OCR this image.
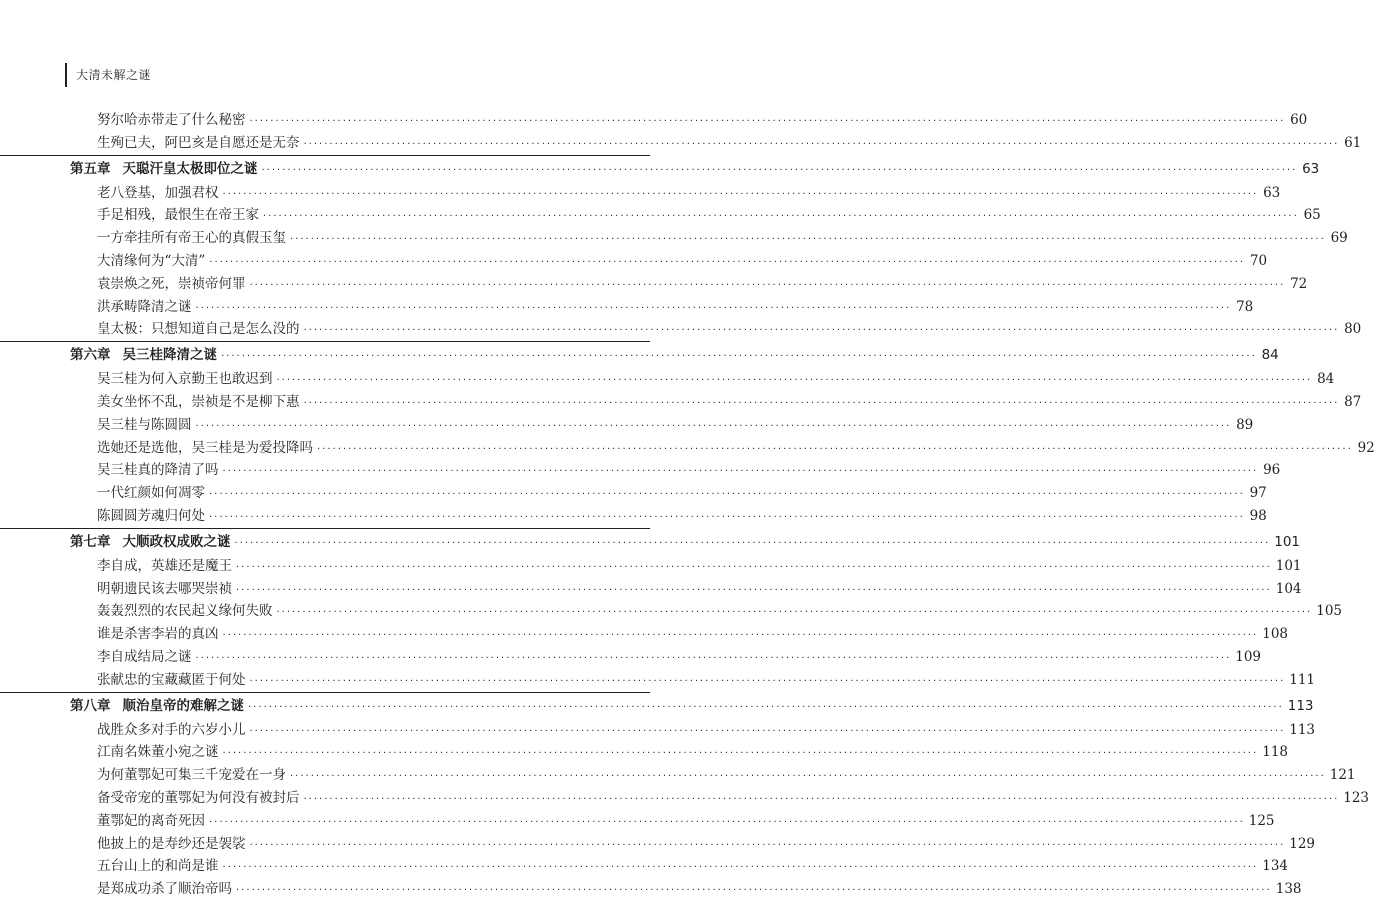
大清未解之谜
努尔哈赤带走了什么秘密 ········································································································································································································ 60
生殉已夫，阿巴亥是自愿还是无奈 ········································································································································································································ 61
第五章 天聪汗皇太极即位之谜 ········································································································································································································ 63
老八登基，加强君权 ········································································································································································································ 63
手足相残，最恨生在帝王家 ········································································································································································································ 65
一方牵挂所有帝王心的真假玉玺 ········································································································································································································ 69
大清缘何为“大清” ········································································································································································································ 70
袁崇焕之死，崇祯帝何罪 ········································································································································································································ 72
洪承畴降清之谜 ········································································································································································································ 78
皇太极：只想知道自己是怎么没的 ········································································································································································································ 80
第六章 吴三桂降清之谜 ········································································································································································································ 84
吴三桂为何入京勤王也敢迟到 ········································································································································································································ 84
美女坐怀不乱，崇祯是不是柳下惠 ········································································································································································································ 87
吴三桂与陈圆圆 ········································································································································································································ 89
选她还是选他，吴三桂是为爱投降吗 ········································································································································································································ 92
吴三桂真的降清了吗 ········································································································································································································ 96
一代红颜如何凋零 ········································································································································································································ 97
陈圆圆芳魂归何处 ········································································································································································································ 98
第七章 大顺政权成败之谜 ········································································································································································································ 101
李自成，英雄还是魔王 ········································································································································································································ 101
明朝遗民该去哪哭崇祯 ········································································································································································································ 104
轰轰烈烈的农民起义缘何失败 ········································································································································································································ 105
谁是杀害李岩的真凶 ········································································································································································································ 108
李自成结局之谜 ········································································································································································································ 109
张献忠的宝藏藏匿于何处 ········································································································································································································ 111
第八章 顺治皇帝的难解之谜 ········································································································································································································ 113
战胜众多对手的六岁小儿 ········································································································································································································ 113
江南名姝董小宛之谜 ········································································································································································································ 118
为何董鄂妃可集三千宠爱在一身 ········································································································································································································ 121
备受帝宠的董鄂妃为何没有被封后 ········································································································································································································ 123
董鄂妃的离奇死因 ········································································································································································································ 125
他披上的是寿纱还是袈裟 ········································································································································································································ 129
五台山上的和尚是谁 ········································································································································································································ 134
是郑成功杀了顺治帝吗 ········································································································································································································ 138
